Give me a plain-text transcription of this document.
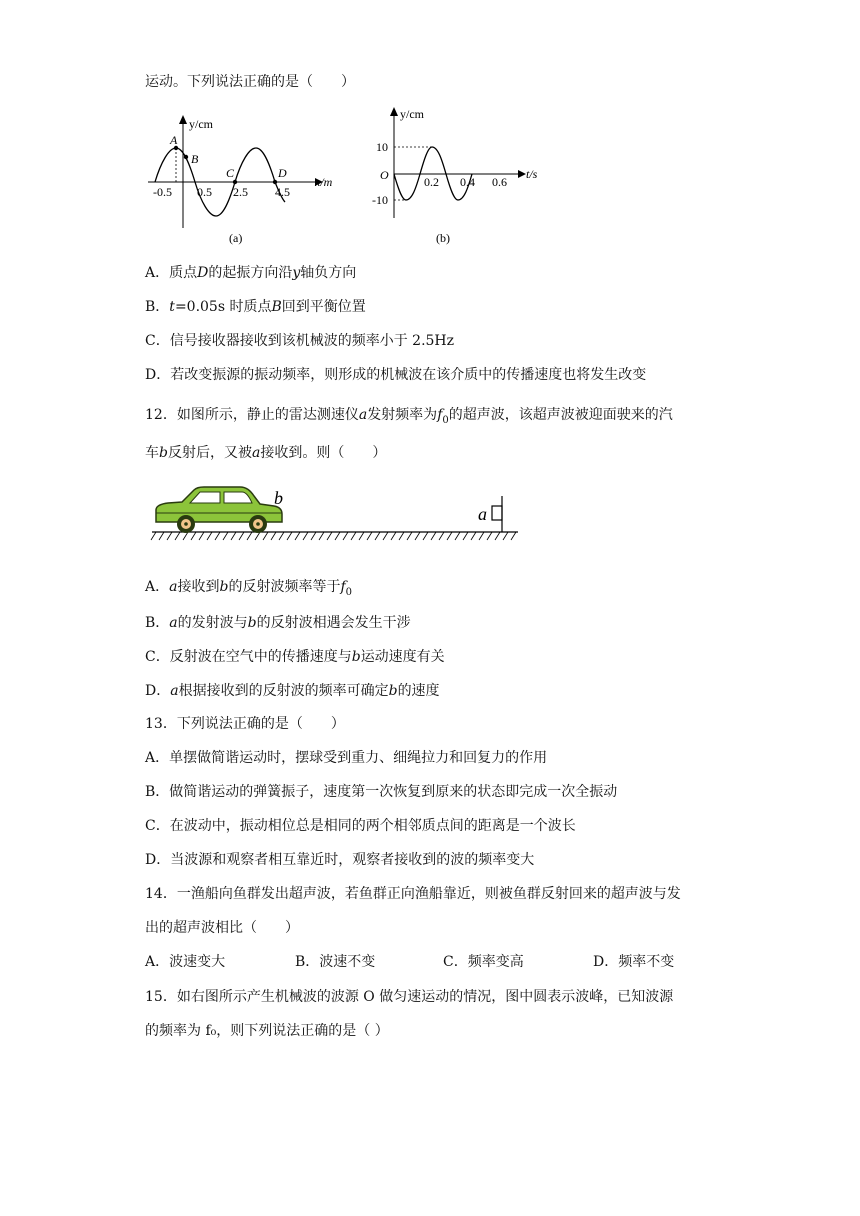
运动。下列说法正确的是（　　）
y/cm
x/m
A
B
C	D
-0.5 0.5 2.5 4.5
(a)
y/cm
t/s
O
10
-10
0.2 0.4 0.6
(b)
A．质点D的起振方向沿y轴负方向
B．t=0.05s 时质点B回到平衡位置
C．信号接收器接收到该机械波的频率小于 2.5Hz
D．若改变振源的振动频率，则形成的机械波在该介质中的传播速度也将发生改变
12．如图所示，静止的雷达测速仪a发射频率为$f_0$的超声波，该超声波被迎面驶来的汽
车b反射后，又被a接收到。则（　　）
b
a
A．a接收到b的反射波频率等于$f_0$
B．a的发射波与b的反射波相遇会发生干涉
C．反射波在空气中的传播速度与b运动速度有关
D．a根据接收到的反射波的频率可确定b的速度
13．下列说法正确的是（　　）
A．单摆做简谐运动时，摆球受到重力、细绳拉力和回复力的作用
B．做简谐运动的弹簧振子，速度第一次恢复到原来的状态即完成一次全振动
C．在波动中，振动相位总是相同的两个相邻质点间的距离是一个波长
D．当波源和观察者相互靠近时，观察者接收到的波的频率变大
14．一渔船向鱼群发出超声波，若鱼群正向渔船靠近，则被鱼群反射回来的超声波与发
出的超声波相比（　　）
A．波速变大	B．波速不变	C．频率变高	D．频率不变
15．如右图所示产生机械波的波源 O 做匀速运动的情况，图中圆表示波峰，已知波源
的频率为 f₀，则下列说法正确的是（ ）
